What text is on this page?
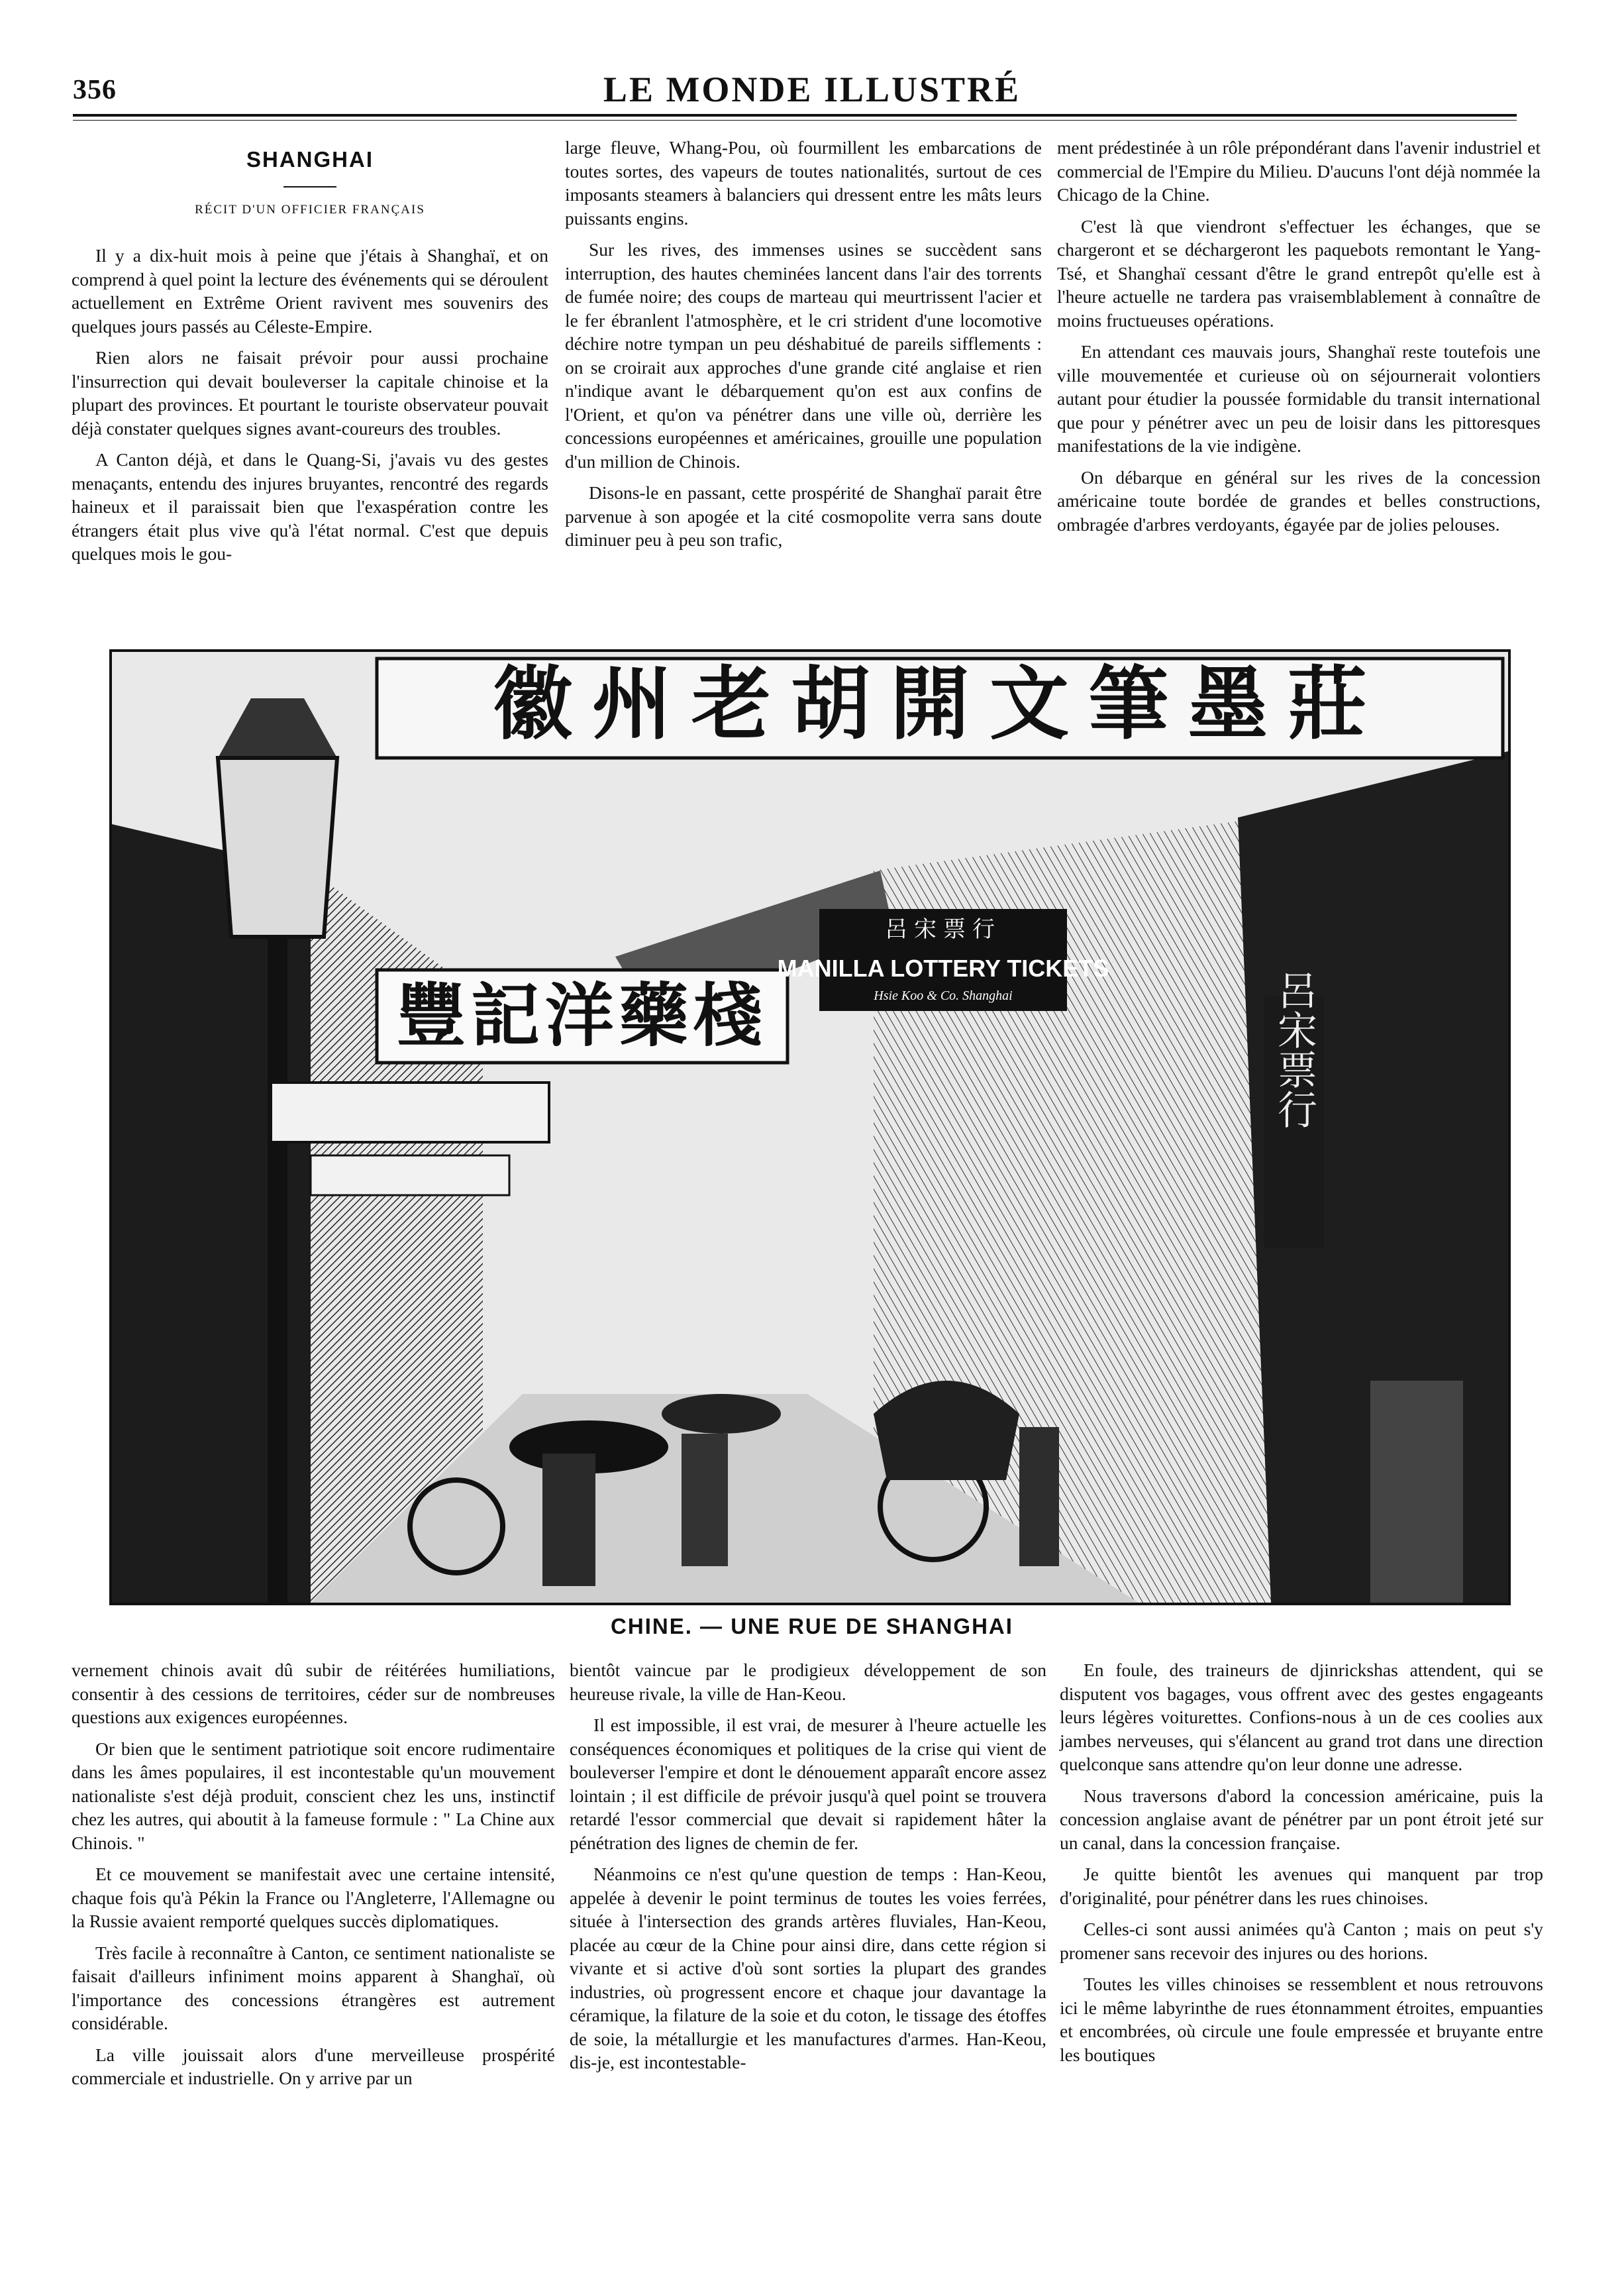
356	LE MONDE ILLUSTRÉ
SHANGHAI
RÉCIT D'UN OFFICIER FRANÇAIS

Il y a dix-huit mois à peine que j'étais à Shanghaï, et on comprend à quel point la lecture des événements qui se déroulent actuellement en Extrême Orient ravivent mes souvenirs des quelques jours passés au Céleste-Empire.

Rien alors ne faisait prévoir pour aussi prochaine l'insurrection qui devait bouleverser la capitale chinoise et la plupart des provinces. Et pourtant le touriste observateur pouvait déjà constater quelques signes avant-coureurs des troubles.

A Canton déjà, et dans le Quang-Si, j'avais vu des gestes menaçants, entendu des injures bruyantes, rencontré des regards haineux et il paraissait bien que l'exaspération contre les étrangers était plus vive qu'à l'état normal. C'est que depuis quelques mois le gou-

large fleuve, Whang-Pou, où fourmillent les embarcations de toutes sortes, des vapeurs de toutes nationalités, surtout de ces imposants steamers à balanciers qui dressent entre les mâts leurs puissants engins.

Sur les rives, des immenses usines se succèdent sans interruption, des hautes cheminées lancent dans l'air des torrents de fumée noire; des coups de marteau qui meurtrissent l'acier et le fer ébranlent l'atmosphère, et le cri strident d'une locomotive déchire notre tympan un peu déshabitué de pareils sifflements : on se croirait aux approches d'une grande cité anglaise et rien n'indique avant le débarquement qu'on est aux confins de l'Orient, et qu'on va pénétrer dans une ville où, derrière les concessions européennes et américaines, grouille une population d'un million de Chinois.

Disons-le en passant, cette prospérité de Shanghaï parait être parvenue à son apogée et la cité cosmopolite verra sans doute diminuer peu à peu son trafic,

ment prédestinée à un rôle prépondérant dans l'avenir industriel et commercial de l'Empire du Milieu. D'aucuns l'ont déjà nommée la Chicago de la Chine.

C'est là que viendront s'effectuer les échanges, que se chargeront et se déchargeront les paquebots remontant le Yang-Tsé, et Shanghaï cessant d'être le grand entrepôt qu'elle est à l'heure actuelle ne tardera pas vraisemblablement à connaître de moins fructueuses opérations.

En attendant ces mauvais jours, Shanghaï reste toutefois une ville mouvementée et curieuse où on séjournerait volontiers autant pour étudier la poussée formidable du transit international que pour y pénétrer avec un peu de loisir dans les pittoresques manifestations de la vie indigène.

On débarque en général sur les rives de la concession américaine toute bordée de grandes et belles constructions, ombragée d'arbres verdoyants, égayée par de jolies pelouses.

徽州老胡開文筆墨莊
豐記洋藥棧
呂宋票行
MANILLA LOTTERY TICKETS
Hsie Koo & Co. Shanghai	呂宋票行
CHINE. — UNE RUE DE SHANGHAI

vernement chinois avait dû subir de réitérées humiliations, consentir à des cessions de territoires, céder sur de nombreuses questions aux exigences européennes.

Or bien que le sentiment patriotique soit encore rudimentaire dans les âmes populaires, il est incontestable qu'un mouvement nationaliste s'est déjà produit, conscient chez les uns, instinctif chez les autres, qui aboutit à la fameuse formule : " La Chine aux Chinois. "

Et ce mouvement se manifestait avec une certaine intensité, chaque fois qu'à Pékin la France ou l'Angleterre, l'Allemagne ou la Russie avaient remporté quelques succès diplomatiques.

Très facile à reconnaître à Canton, ce sentiment nationaliste se faisait d'ailleurs infiniment moins apparent à Shanghaï, où l'importance des concessions étrangères est autrement considérable.

La ville jouissait alors d'une merveilleuse prospérité commerciale et industrielle. On y arrive par un

bientôt vaincue par le prodigieux développement de son heureuse rivale, la ville de Han-Keou.

Il est impossible, il est vrai, de mesurer à l'heure actuelle les conséquences économiques et politiques de la crise qui vient de bouleverser l'empire et dont le dénouement apparaît encore assez lointain ; il est difficile de prévoir jusqu'à quel point se trouvera retardé l'essor commercial que devait si rapidement hâter la pénétration des lignes de chemin de fer.

Néanmoins ce n'est qu'une question de temps : Han-Keou, appelée à devenir le point terminus de toutes les voies ferrées, située à l'intersection des grands artères fluviales, Han-Keou, placée au cœur de la Chine pour ainsi dire, dans cette région si vivante et si active d'où sont sorties la plupart des grandes industries, où progressent encore et chaque jour davantage la céramique, la filature de la soie et du coton, le tissage des étoffes de soie, la métallurgie et les manufactures d'armes. Han-Keou, dis-je, est incontestable-

En foule, des traineurs de djinrickshas attendent, qui se disputent vos bagages, vous offrent avec des gestes engageants leurs légères voiturettes. Confions-nous à un de ces coolies aux jambes nerveuses, qui s'élancent au grand trot dans une direction quelconque sans attendre qu'on leur donne une adresse.

Nous traversons d'abord la concession américaine, puis la concession anglaise avant de pénétrer par un pont étroit jeté sur un canal, dans la concession française.

Je quitte bientôt les avenues qui manquent par trop d'originalité, pour pénétrer dans les rues chinoises.

Celles-ci sont aussi animées qu'à Canton ; mais on peut s'y promener sans recevoir des injures ou des horions.

Toutes les villes chinoises se ressemblent et nous retrouvons ici le même labyrinthe de rues étonnamment étroites, empuanties et encombrées, où circule une foule empressée et bruyante entre les boutiques
